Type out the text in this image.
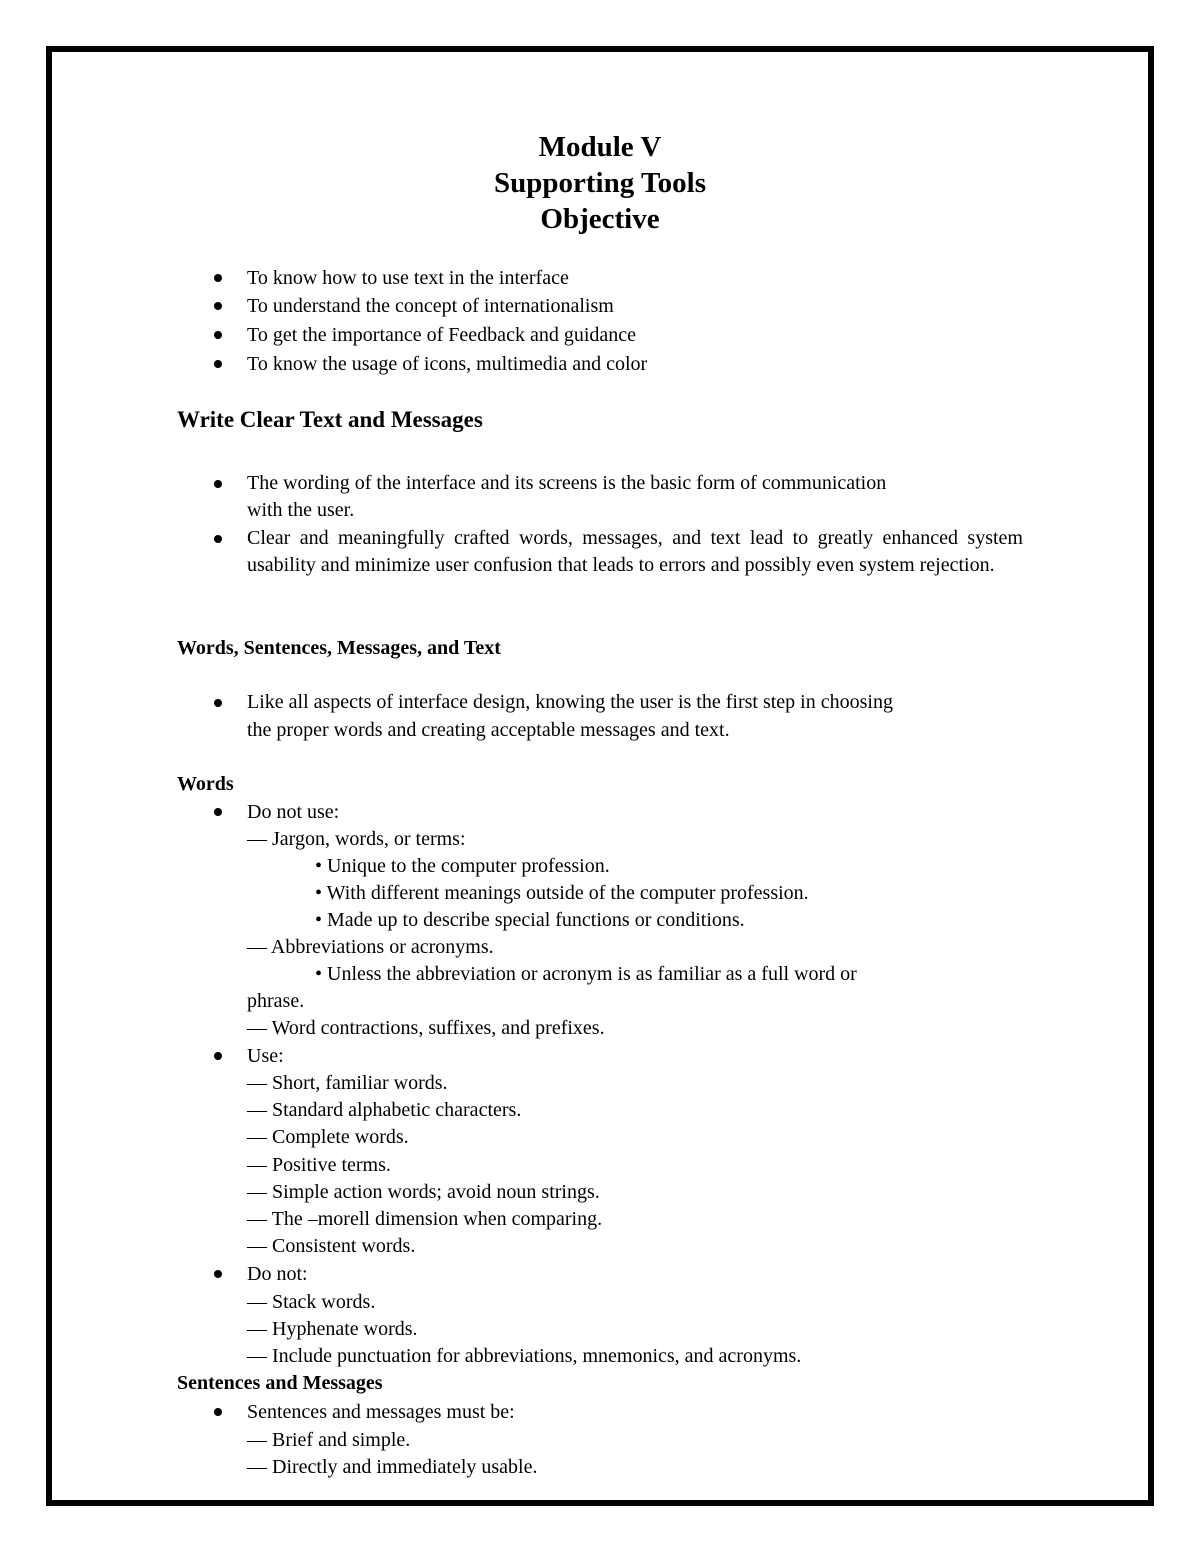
Module V
Supporting Tools
Objective
To know how to use text in the interface
To understand the concept of internationalism
To get the importance of Feedback and guidance
To know the usage of icons, multimedia and color
Write Clear Text and Messages
The wording of the interface and its screens is the basic form of communication
with the user.
Clear and meaningfully crafted words, messages, and text lead to greatly enhanced system usability and minimize user confusion that leads to errors and possibly even system rejection.
Words, Sentences, Messages, and Text
Like all aspects of interface design, knowing the user is the first step in choosing
the proper words and creating acceptable messages and text.
Words
Do not use:
— Jargon, words, or terms:
• Unique to the computer profession.
• With different meanings outside of the computer profession.
• Made up to describe special functions or conditions.
— Abbreviations or acronyms.
• Unless the abbreviation or acronym is as familiar as a full word or
phrase.
— Word contractions, suffixes, and prefixes.
Use:
— Short, familiar words.
— Standard alphabetic characters.
— Complete words.
— Positive terms.
— Simple action words; avoid noun strings.
— The –morell dimension when comparing.
— Consistent words.
Do not:
— Stack words.
— Hyphenate words.
— Include punctuation for abbreviations, mnemonics, and acronyms.
Sentences and Messages
Sentences and messages must be:
— Brief and simple.
— Directly and immediately usable.
